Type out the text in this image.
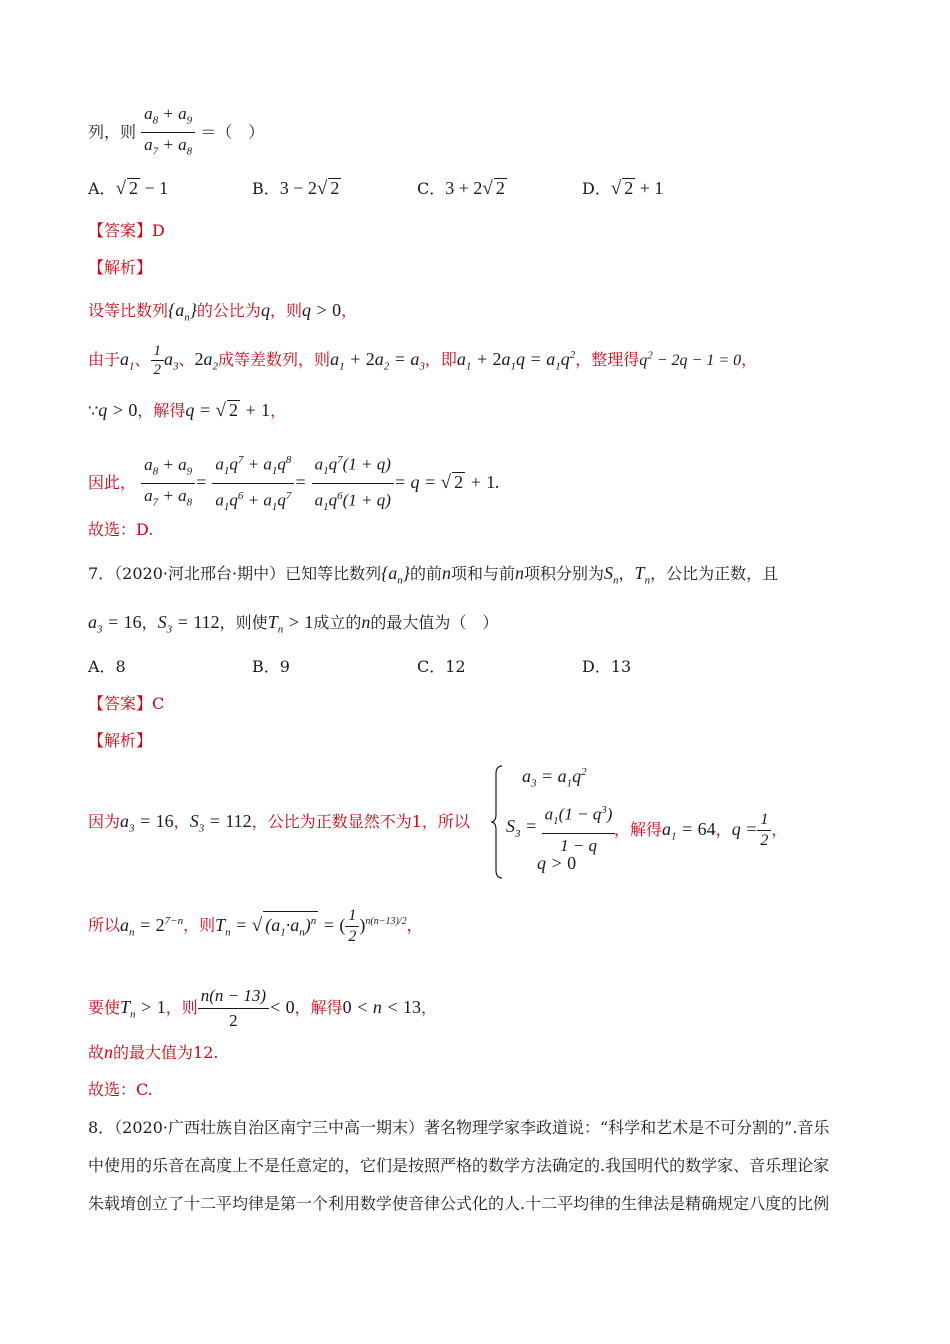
列，则 $\frac{a_8 + a_9}{a_7 + a_8}$ ＝（　）
A．√ 2 − 1	B．3 − 2√ 2	C．3 + 2√ 2	D．√ 2 + 1
【答案】D
【解析】
设等比数列$\{a_n\}$的公比为q，则q > 0，
由于$a_1$、 $\frac{1}{2} a_3$、$2a_2$成等差数列，则$a_1 + 2a_2 = a_3$，即$a_1 + 2a_1q = a_1q^2$，整理得$q^2 - 2q - 1 = 0$，
∵q > 0，解得q = √ 2 + 1，
因此， $\frac{a_8 + a_9}{a_7 + a_8} = \frac{a_1q^7 + a_1q^8}{a_1q^6 + a_1q^7} = \frac{a_1q^7(1 + q)}{a_1q^6(1 + q)} = q$ = √ 2 + 1.
故选：D.
7．（2020·河北邢台·期中）已知等比数列$\{a_n\}$的前n项和与前n项积分别为$S_n$，$T_n$，公比为正数，且
$a_3 = 16$，$S_3 = 112$，则使$T_n > 1$成立的n的最大值为（　）
A．8	B．9	C．12	D．13
【答案】C
【解析】
因为$a_3 = 16$，$S_3 = 112$，公比为正数显然不为1，所以
$a_3 = a_1q^2$
$S_3 = \frac{a_1(1 - q^3)}{1 - q}$
q > 0
，解得$a_1 = 64$，$q = \frac{1}{2}$ ，
所以$a_n = 2^{7-n}$，则$T_n$ = √ $(a_1\cdot a_n)^n$ = ( $\frac{1}{2} )^{n(n-13)/2}$，
要使$T_n > 1$，则 $\frac{n(n - 13)}{2} < 0$，解得0 < n < 13，
故n的最大值为12.
故选：C.
8．（2020·广西壮族自治区南宁三中高一期末）著名物理学家李政道说：“科学和艺术是不可分割的”.音乐
中使用的乐音在高度上不是任意定的，它们是按照严格的数学方法确定的.我国明代的数学家、音乐理论家
朱载堉创立了十二平均律是第一个利用数学使音律公式化的人.十二平均律的生律法是精确规定八度的比例
